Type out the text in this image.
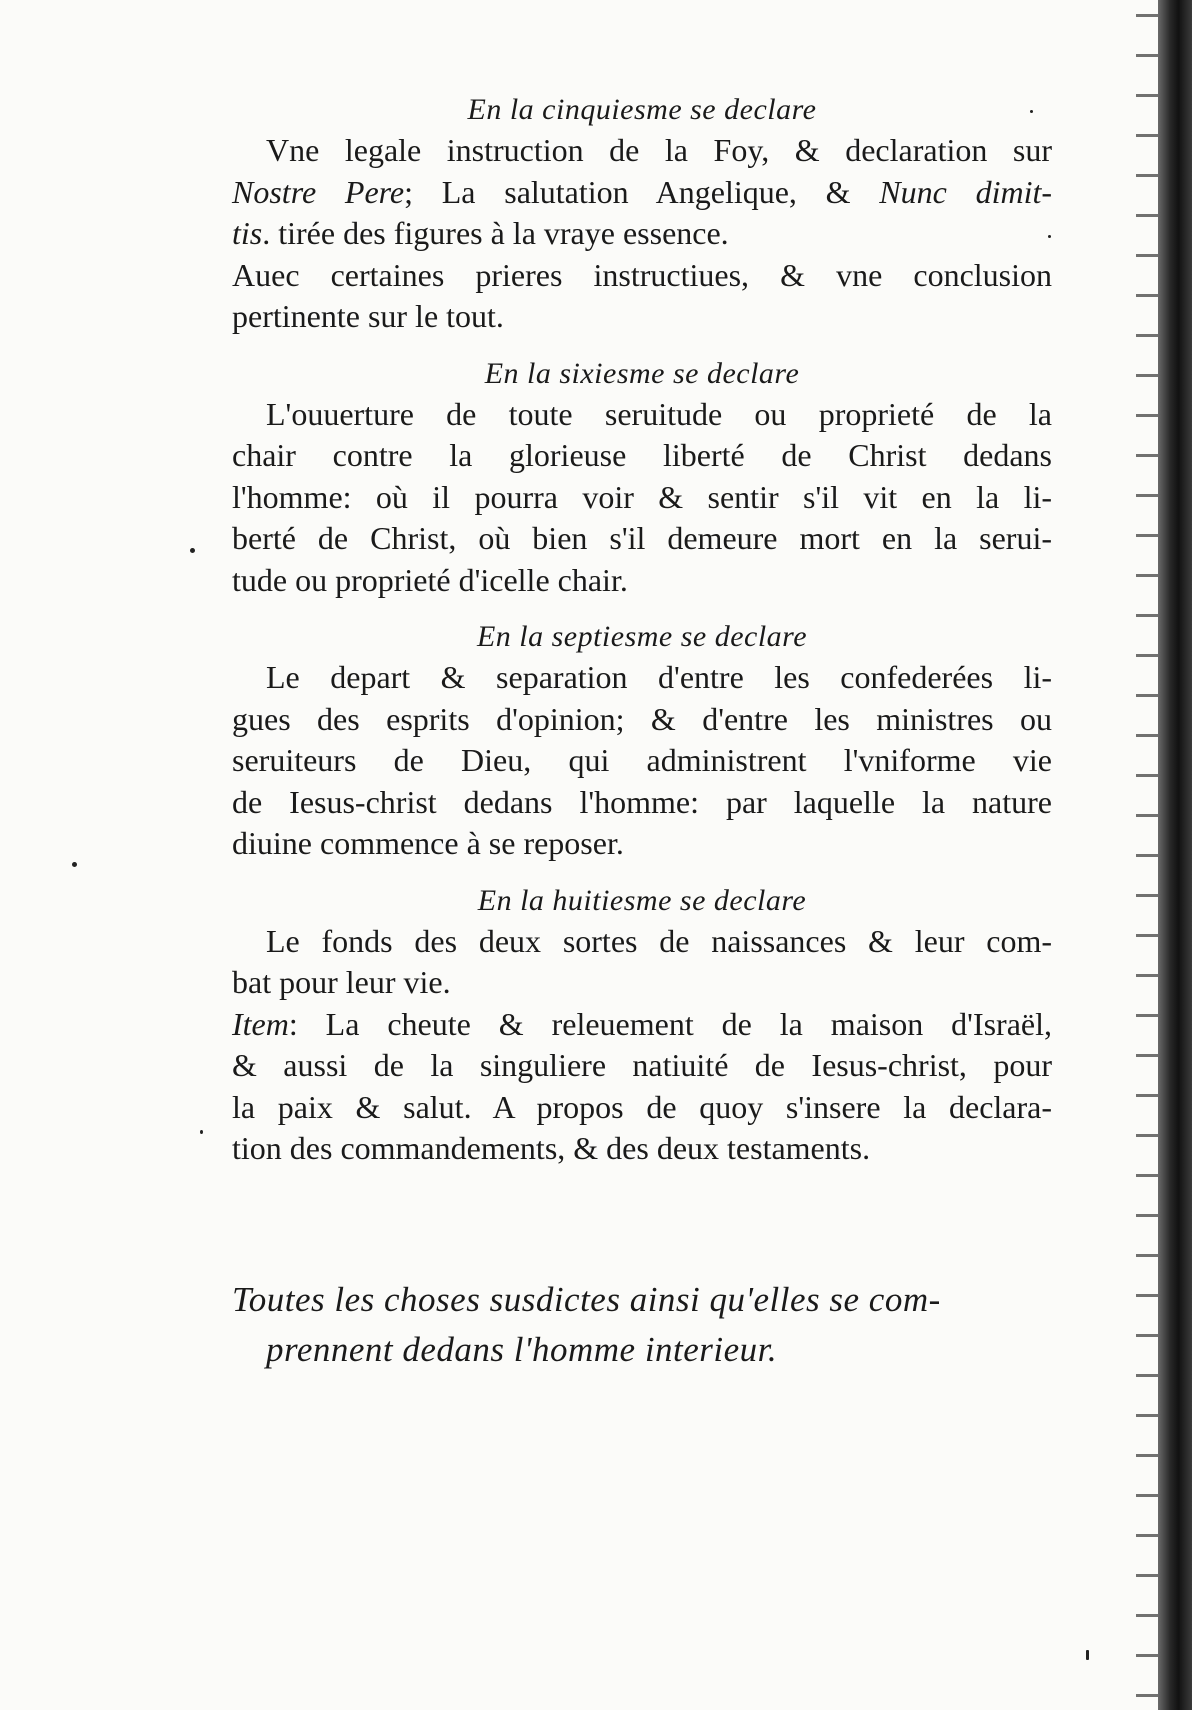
En la cinquiesme se declare

Vne legale instruction de la Foy, & declaration sur
Nostre Pere; La salutation Angelique, & Nunc dimit-
tis. tirée des figures à la vraye essence.
Auec certaines prieres instructiues, & vne conclusion
pertinente sur le tout.

En la sixiesme se declare

L'ouuerture de toute seruitude ou proprieté de la
chair contre la glorieuse liberté de Christ dedans
l'homme: où il pourra voir & sentir s'il vit en la li-
berté de Christ, où bien s'il demeure mort en la serui-
tude ou proprieté d'icelle chair.

En la septiesme se declare

Le depart & separation d'entre les confederées li-
gues des esprits d'opinion; & d'entre les ministres ou
seruiteurs de Dieu, qui administrent l'vniforme vie
de Iesus-christ dedans l'homme: par laquelle la nature
diuine commence à se reposer.

En la huitiesme se declare

Le fonds des deux sortes de naissances & leur com-
bat pour leur vie.
Item: La cheute & releuement de la maison d'Israël,
& aussi de la singuliere natiuité de Iesus-christ, pour
la paix & salut. A propos de quoy s'insere la declara-
tion des commandements, & des deux testaments.

Toutes les choses susdictes ainsi qu'elles se com-
prennent dedans l'homme interieur.
